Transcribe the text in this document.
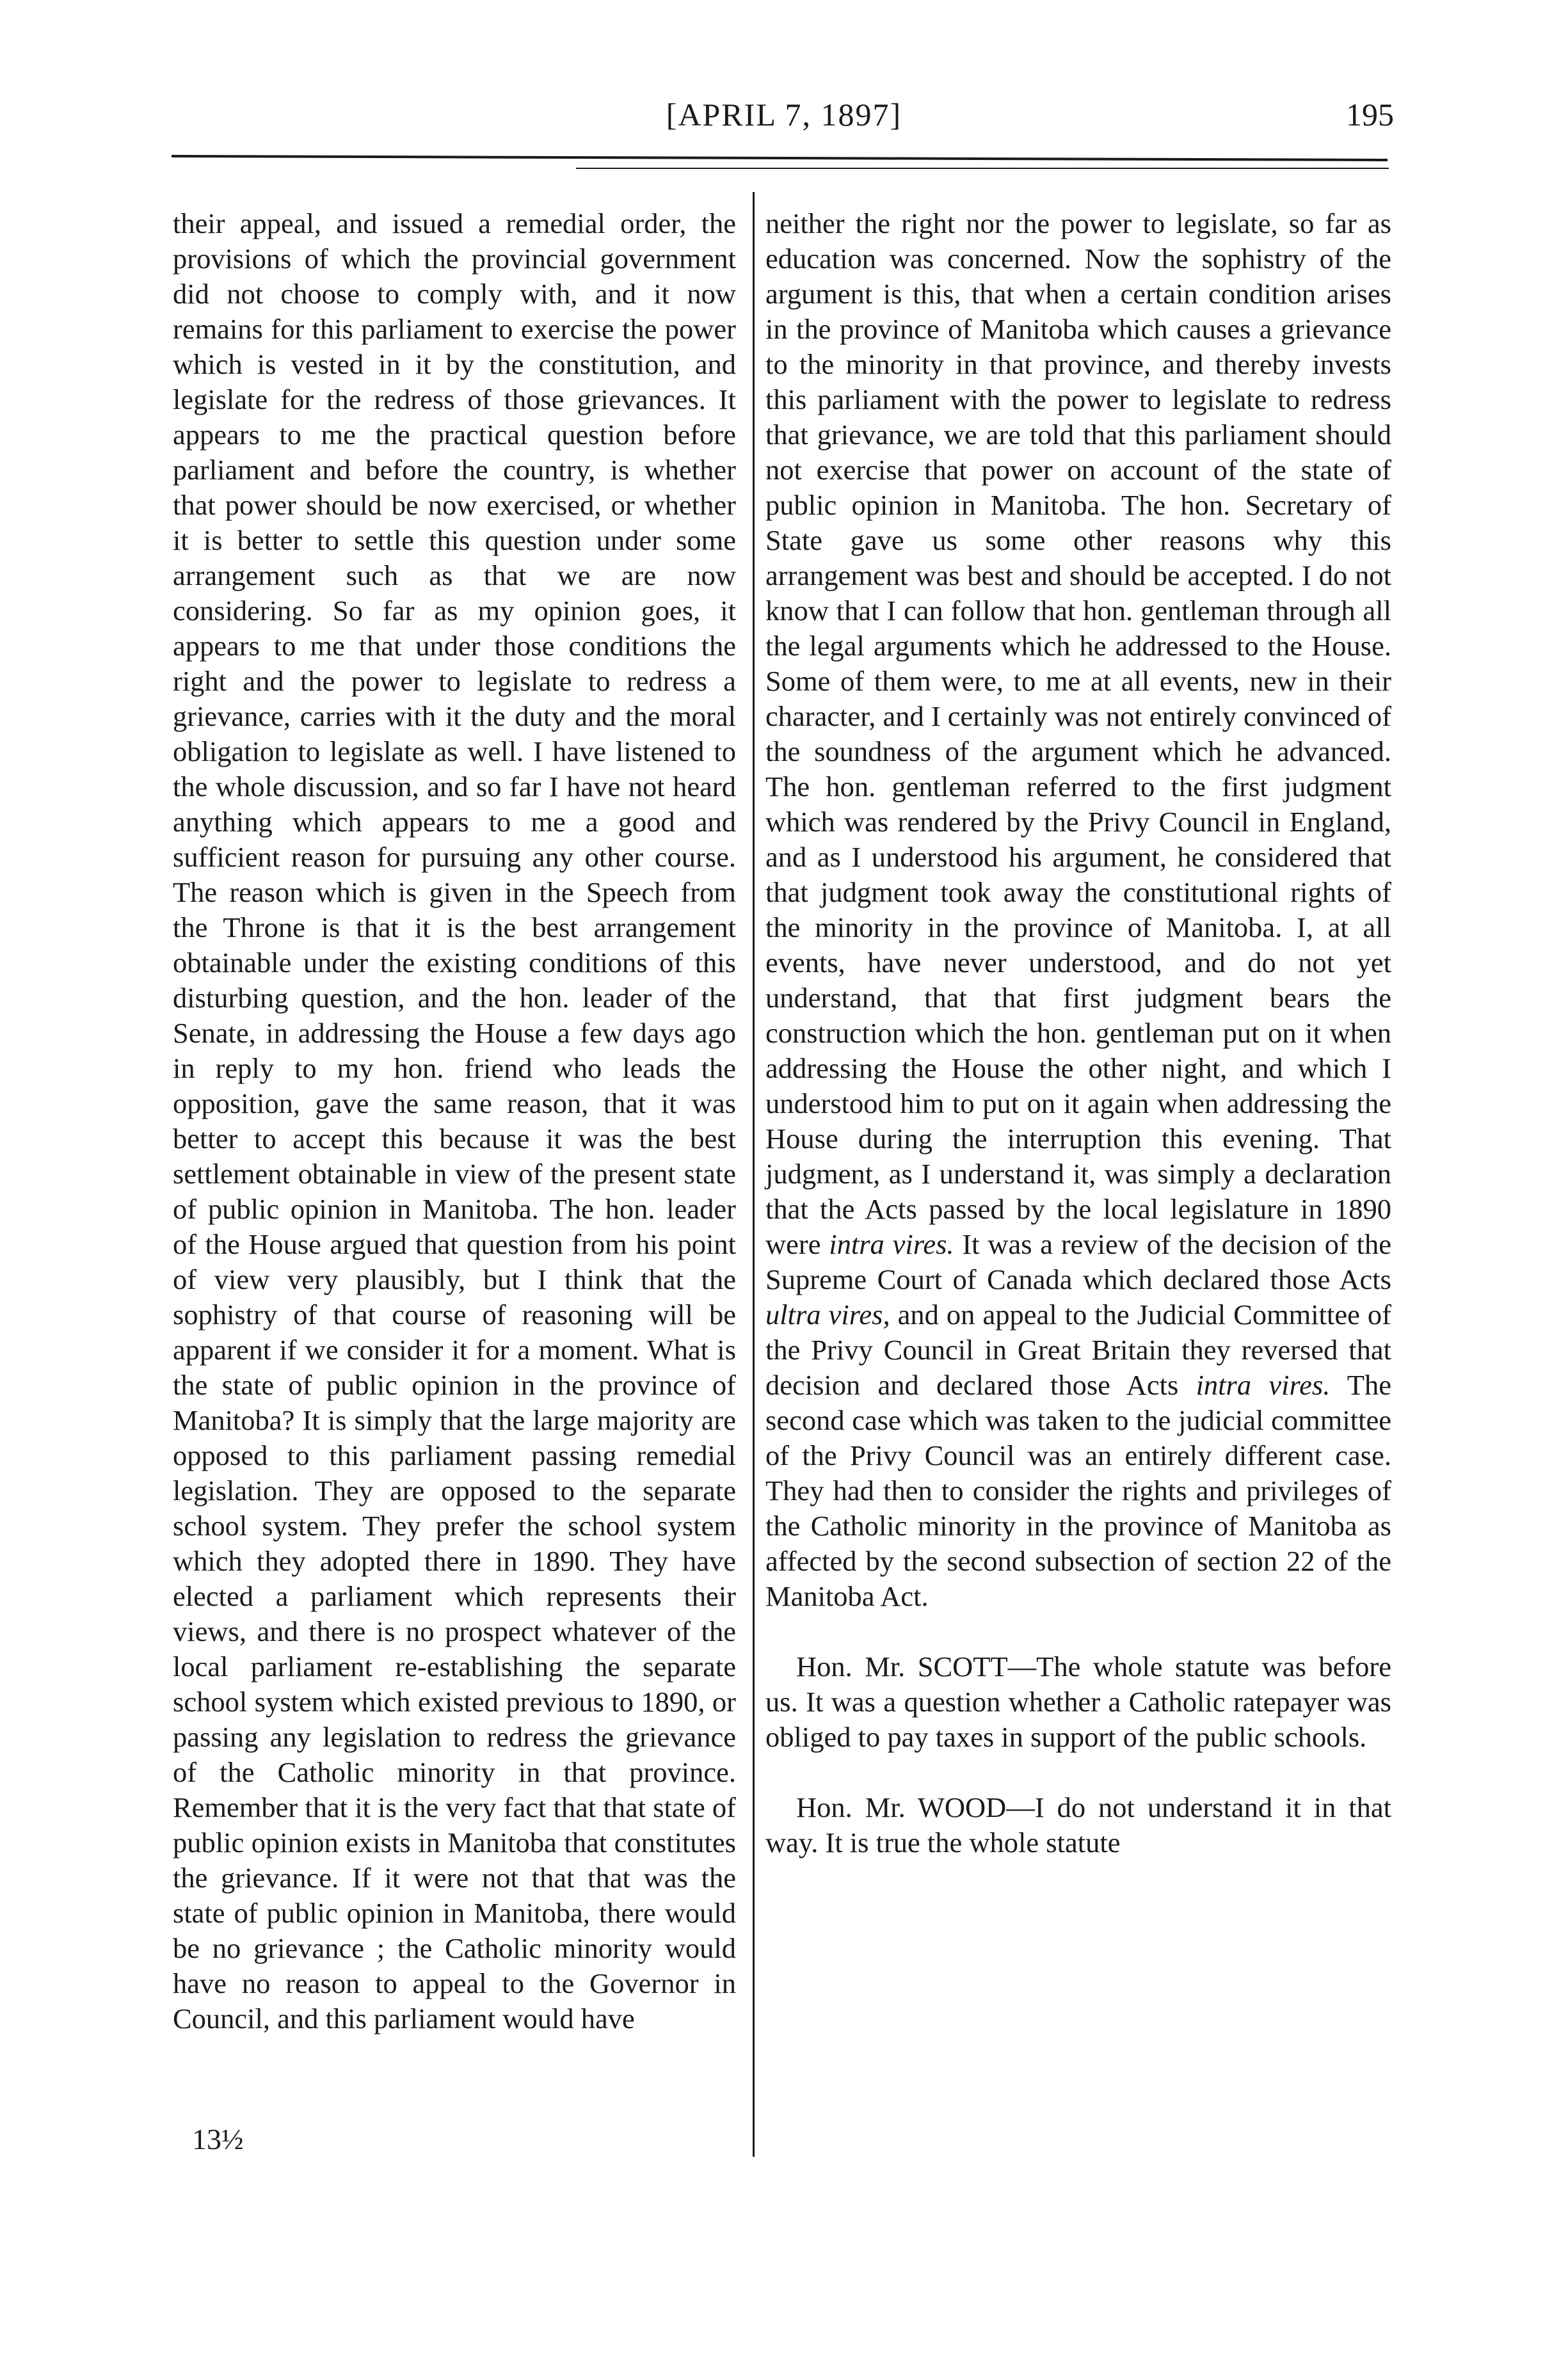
[APRIL 7, 1897]	195

their appeal, and issued a remedial order, the provisions of which the provincial government did not choose to comply with, and it now remains for this parliament to exercise the power which is vested in it by the constitution, and legislate for the redress of those grievances. It appears to me the practical question before parliament and before the country, is whether that power should be now exercised, or whether it is better to settle this question under some arrangement such as that we are now considering. So far as my opinion goes, it appears to me that under those conditions the right and the power to legislate to redress a grievance, carries with it the duty and the moral obligation to legislate as well. I have listened to the whole discussion, and so far I have not heard anything which appears to me a good and sufficient reason for pursuing any other course. The reason which is given in the Speech from the Throne is that it is the best arrangement obtainable under the existing conditions of this disturbing question, and the hon. leader of the Senate, in addressing the House a few days ago in reply to my hon. friend who leads the opposition, gave the same reason, that it was better to accept this because it was the best settlement obtainable in view of the present state of public opinion in Manitoba. The hon. leader of the House argued that question from his point of view very plausibly, but I think that the sophistry of that course of reasoning will be apparent if we consider it for a moment. What is the state of public opinion in the province of Manitoba? It is simply that the large majority are opposed to this parliament passing remedial legislation. They are opposed to the separate school system. They prefer the school system which they adopted there in 1890. They have elected a parliament which represents their views, and there is no prospect whatever of the local parliament re-establishing the separate school system which existed previous to 1890, or passing any legislation to redress the grievance of the Catholic minority in that province. Remember that it is the very fact that that state of public opinion exists in Manitoba that constitutes the grievance. If it were not that that was the state of public opinion in Manitoba, there would be no grievance ; the Catholic minority would have no reason to appeal to the Governor in Council, and this parliament would have

neither the right nor the power to legislate, so far as education was concerned. Now the sophistry of the argument is this, that when a certain condition arises in the province of Manitoba which causes a grievance to the minority in that province, and thereby invests this parliament with the power to legislate to redress that grievance, we are told that this parliament should not exercise that power on account of the state of public opinion in Manitoba. The hon. Secretary of State gave us some other reasons why this arrangement was best and should be accepted. I do not know that I can follow that hon. gentleman through all the legal arguments which he addressed to the House. Some of them were, to me at all events, new in their character, and I certainly was not entirely convinced of the soundness of the argument which he advanced. The hon. gentleman referred to the first judgment which was rendered by the Privy Council in England, and as I understood his argument, he considered that that judgment took away the constitutional rights of the minority in the province of Manitoba. I, at all events, have never understood, and do not yet understand, that that first judgment bears the construction which the hon. gentleman put on it when addressing the House the other night, and which I understood him to put on it again when addressing the House during the interruption this evening. That judgment, as I understand it, was simply a declaration that the Acts passed by the local legislature in 1890 were intra vires. It was a review of the decision of the Supreme Court of Canada which declared those Acts ultra vires, and on appeal to the Judicial Committee of the Privy Council in Great Britain they reversed that decision and declared those Acts intra vires. The second case which was taken to the judicial committee of the Privy Council was an entirely different case. They had then to consider the rights and privileges of the Catholic minority in the province of Manitoba as affected by the second subsection of section 22 of the Manitoba Act.

Hon. Mr. SCOTT—The whole statute was before us. It was a question whether a Catholic ratepayer was obliged to pay taxes in support of the public schools.

Hon. Mr. WOOD—I do not understand it in that way. It is true the whole statute

13½
